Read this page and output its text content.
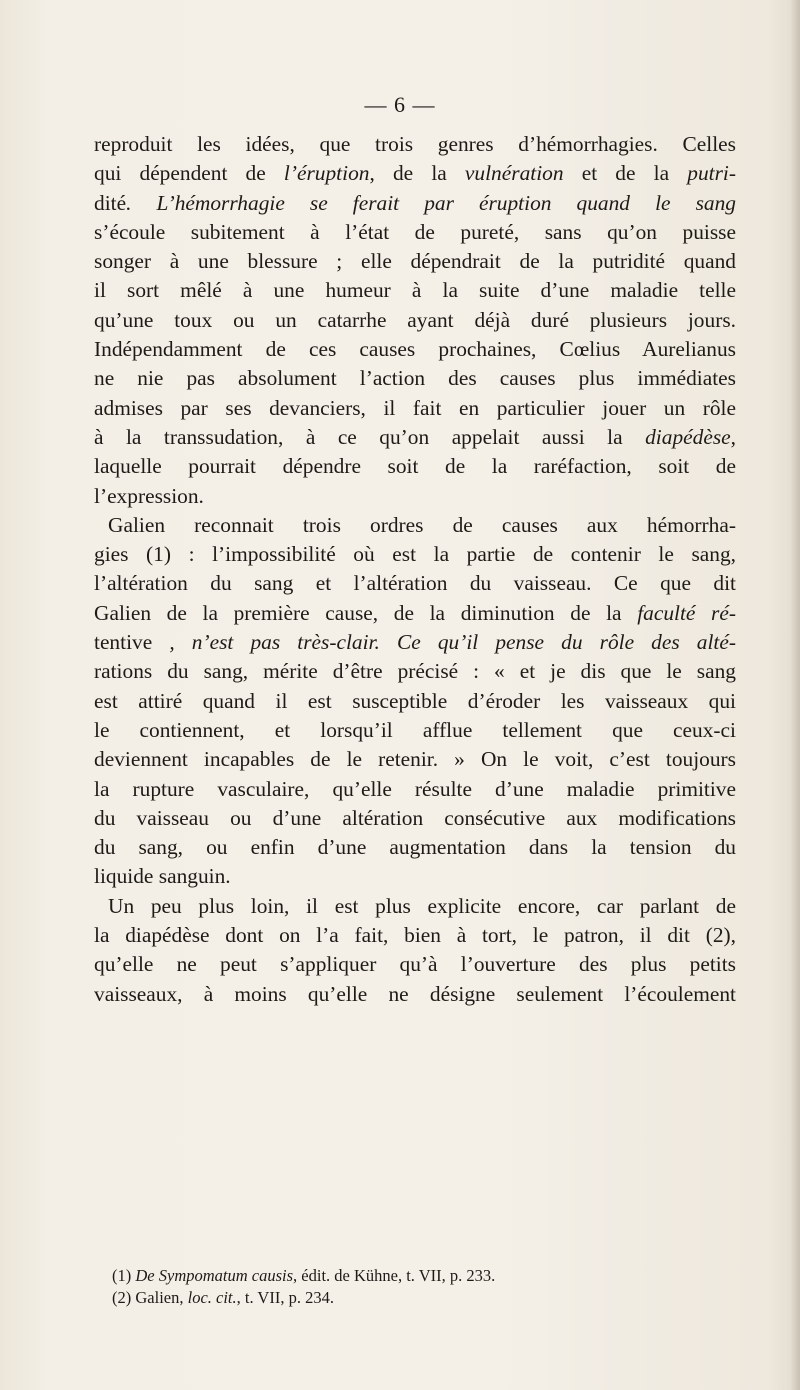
— 6 —
reproduit les idées, que trois genres d’hémorrhagies. Celles
qui dépendent de l’éruption, de la vulnération et de la putri-
dité. L’hémorrhagie se ferait par éruption quand le sang
s’écoule subitement à l’état de pureté, sans qu’on puisse
songer à une blessure ; elle dépendrait de la putridité quand
il sort mêlé à une humeur à la suite d’une maladie telle
qu’une toux ou un catarrhe ayant déjà duré plusieurs jours.
Indépendamment de ces causes prochaines, Cœlius Aurelianus
ne nie pas absolument l’action des causes plus immédiates
admises par ses devanciers, il fait en particulier jouer un rôle
à la transsudation, à ce qu’on appelait aussi la diapédèse,
laquelle pourrait dépendre soit de la raréfaction, soit de
l’expression.
Galien reconnait trois ordres de causes aux hémorrha-
gies (1) : l’impossibilité où est la partie de contenir le sang,
l’altération du sang et l’altération du vaisseau. Ce que dit
Galien de la première cause, de la diminution de la faculté ré-
tentive , n’est pas très-clair. Ce qu’il pense du rôle des alté-
rations du sang, mérite d’être précisé : « et je dis que le sang
est attiré quand il est susceptible d’éroder les vaisseaux qui
le contiennent, et lorsqu’il afflue tellement que ceux-ci
deviennent incapables de le retenir. » On le voit, c’est toujours
la rupture vasculaire, qu’elle résulte d’une maladie primitive
du vaisseau ou d’une altération consécutive aux modifications
du sang, ou enfin d’une augmentation dans la tension du
liquide sanguin.
Un peu plus loin, il est plus explicite encore, car parlant de
la diapédèse dont on l’a fait, bien à tort, le patron, il dit (2),
qu’elle ne peut s’appliquer qu’à l’ouverture des plus petits
vaisseaux, à moins qu’elle ne désigne seulement l’écoulement
(1) De Sympomatum causis, édit. de Kühne, t. VII, p. 233.
(2) Galien, loc. cit., t. VII, p. 234.
